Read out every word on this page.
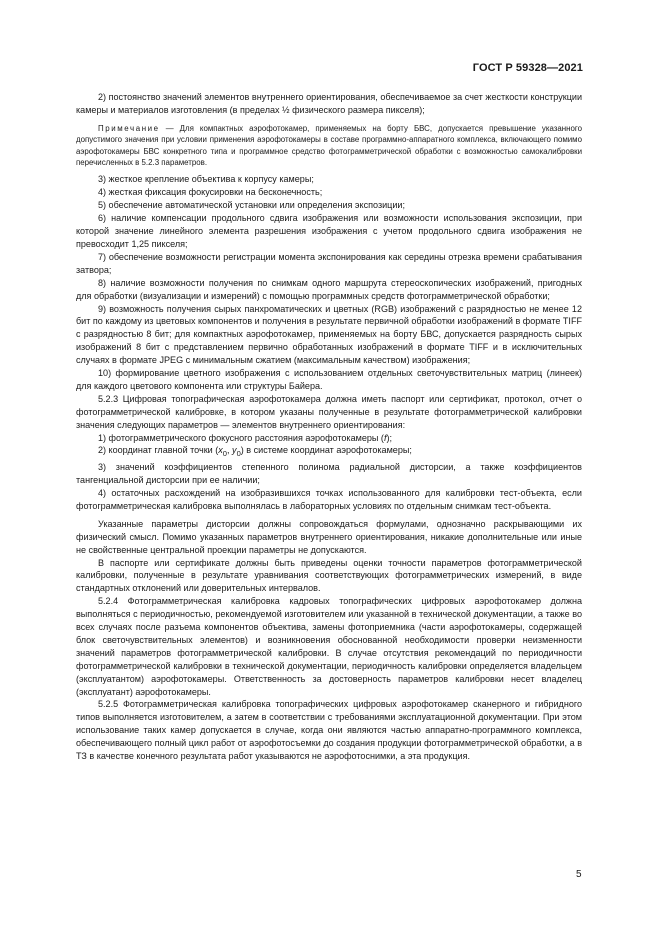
ГОСТ Р 59328—2021

2) постоянство значений элементов внутреннего ориентирования, обеспечиваемое за счет жесткости конструкции камеры и материалов изготовления (в пределах ½ физического размера пикселя);

Примечание — Для компактных аэрофотокамер, применяемых на борту БВС, допускается превышение указанного допустимого значения при условии применения аэрофотокамеры в составе программно-аппаратного комплекса, включающего помимо аэрофотокамеры БВС конкретного типа и программное средство фотограмметрической обработки с возможностью самокалибровки перечисленных в 5.2.3 параметров.

3) жесткое крепление объектива к корпусу камеры;

4) жесткая фиксация фокусировки на бесконечность;

5) обеспечение автоматической установки или определения экспозиции;

6) наличие компенсации продольного сдвига изображения или возможности использования экспозиции, при которой значение линейного элемента разрешения изображения с учетом продольного сдвига изображения не превосходит 1,25 пикселя;

7) обеспечение возможности регистрации момента экспонирования как середины отрезка времени срабатывания затвора;

8) наличие возможности получения по снимкам одного маршрута стереоскопических изображений, пригодных для обработки (визуализации и измерений) с помощью программных средств фотограмметрической обработки;

9) возможность получения сырых панхроматических и цветных (RGB) изображений с разрядностью не менее 12 бит по каждому из цветовых компонентов и получения в результате первичной обработки изображений в формате TIFF с разрядностью 8 бит; для компактных аэрофотокамер, применяемых на борту БВС, допускается разрядность сырых изображений 8 бит с представлением первично обработанных изображений в формате TIFF и в исключительных случаях в формате JPEG с минимальным сжатием (максимальным качеством) изображения;

10) формирование цветного изображения с использованием отдельных светочувствительных матриц (линеек) для каждого цветового компонента или структуры Байера.

5.2.3 Цифровая топографическая аэрофотокамера должна иметь паспорт или сертификат, протокол, отчет о фотограмметрической калибровке, в котором указаны полученные в результате фотограмметрической калибровки значения следующих параметров — элементов внутреннего ориентирования:

1) фотограмметрического фокусного расстояния аэрофотокамеры (f);

2) координат главной точки ($x_0$, $y_0$) в системе координат аэрофотокамеры;

3) значений коэффициентов степенного полинома радиальной дисторсии, а также коэффициентов тангенциальной дисторсии при ее наличии;

4) остаточных расхождений на изобразившихся точках использованного для калибровки тест-объекта, если фотограмметрическая калибровка выполнялась в лабораторных условиях по отдельным снимкам тест-объекта.

Указанные параметры дисторсии должны сопровождаться формулами, однозначно раскрывающими их физический смысл. Помимо указанных параметров внутреннего ориентирования, никакие дополнительные или иные не свойственные центральной проекции параметры не допускаются.

В паспорте или сертификате должны быть приведены оценки точности параметров фотограмметрической калибровки, полученные в результате уравнивания соответствующих фотограмметрических измерений, в виде стандартных отклонений или доверительных интервалов.

5.2.4 Фотограмметрическая калибровка кадровых топографических цифровых аэрофотокамер должна выполняться с периодичностью, рекомендуемой изготовителем или указанной в технической документации, а также во всех случаях после разъема компонентов объектива, замены фотоприемника (части аэрофотокамеры, содержащей блок светочувствительных элементов) и возникновения обоснованной необходимости проверки неизменности значений параметров фотограмметрической калибровки. В случае отсутствия рекомендаций по периодичности фотограмметрической калибровки в технической документации, периодичность калибровки определяется владельцем (эксплуатантом) аэрофотокамеры. Ответственность за достоверность параметров калибровки несет владелец (эксплуатант) аэрофотокамеры.

5.2.5 Фотограмметрическая калибровка топографических цифровых аэрофотокамер сканерного и гибридного типов выполняется изготовителем, а затем в соответствии с требованиями эксплуатационной документации. При этом использование таких камер допускается в случае, когда они являются частью аппаратно-программного комплекса, обеспечивающего полный цикл работ от аэрофотосъемки до создания продукции фотограмметрической обработки, а в ТЗ в качестве конечного результата работ указываются не аэрофотоснимки, а эта продукция.

5
